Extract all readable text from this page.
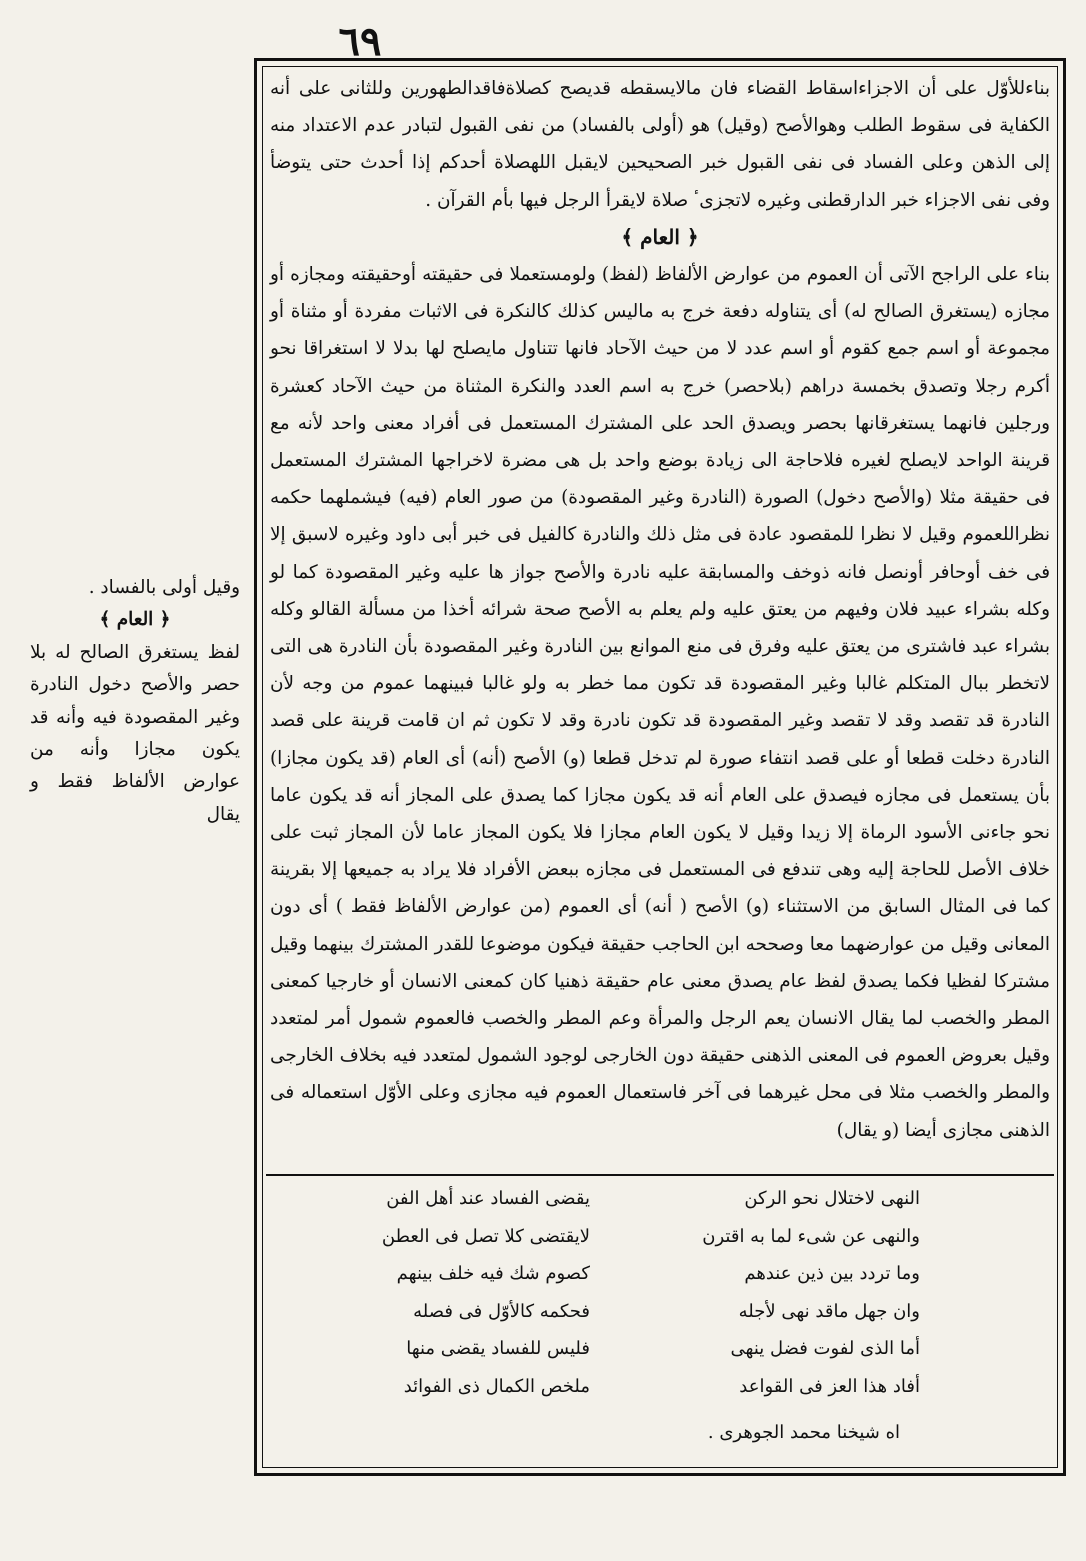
٦٩

بناءللأوّل على أن الاجزاءاسقاط القضاء فان مالايسقطه قديصح كصلاةفاقدالطهورين وللثانى على أنه الكفاية فى سقوط الطلب وهوالأصح (وقيل) هو (أولى بالفساد) من نفى القبول لتبادر عدم الاعتداد منه إلى الذهن وعلى الفساد فى نفى القبول خبر الصحيحين لايقبل اللهصلاة أحدكم إذا أحدث حتى يتوضأ وفى نفى الاجزاء خبر الدارقطنى وغيره لاتجزىٴ صلاة لايقرأ الرجل فيها بأم القرآن .

﴿ العام ﴾

بناء على الراجح الآتى أن العموم من عوارض الألفاظ (لفظ) ولومستعملا فى حقيقته أوحقيقته ومجازه أو مجازه (يستغرق الصالح له) أى يتناوله دفعة خرج به ماليس كذلك كالنكرة فى الاثبات مفردة أو مثناة أو مجموعة أو اسم جمع كقوم أو اسم عدد لا من حيث الآحاد فانها تتناول مايصلح لها بدلا لا استغراقا نحو أكرم رجلا وتصدق بخمسة دراهم (بلاحصر) خرج به اسم العدد والنكرة المثناة من حيث الآحاد كعشرة ورجلين فانهما يستغرقانها بحصر ويصدق الحد على المشترك المستعمل فى أفراد معنى واحد لأنه مع قرينة الواحد لايصلح لغيره فلاحاجة الى زيادة بوضع واحد بل هى مضرة لاخراجها المشترك المستعمل فى حقيقة مثلا (والأصح دخول) الصورة (النادرة وغير المقصودة) من صور العام (فيه) فيشملهما حكمه نظراللعموم وقيل لا نظرا للمقصود عادة فى مثل ذلك والنادرة كالفيل فى خبر أبى داود وغيره لاسبق إلا فى خف أوحافر أونصل فانه ذوخف والمسابقة عليه نادرة والأصح جواز ها عليه وغير المقصودة كما لو وكله بشراء عبيد فلان وفيهم من يعتق عليه ولم يعلم به الأصح صحة شرائه أخذا من مسألة القالو وكله بشراء عبد فاشترى من يعتق عليه وفرق فى منع الموانع بين النادرة وغير المقصودة بأن النادرة هى التى لاتخطر ببال المتكلم غالبا وغير المقصودة قد تكون مما خطر به ولو غالبا فبينهما عموم من وجه لأن النادرة قد تقصد وقد لا تقصد وغير المقصودة قد تكون نادرة وقد لا تكون ثم ان قامت قرينة على قصد النادرة دخلت قطعا أو على قصد انتفاء صورة لم تدخل قطعا (و) الأصح (أنه) أى العام (قد يكون مجازا) بأن يستعمل فى مجازه فيصدق على العام أنه قد يكون مجازا كما يصدق على المجاز أنه قد يكون عاما نحو جاءنى الأسود الرماة إلا زيدا وقيل لا يكون العام مجازا فلا يكون المجاز عاما لأن المجاز ثبت على خلاف الأصل للحاجة إليه وهى تندفع فى المستعمل فى مجازه ببعض الأفراد فلا يراد به جميعها إلا بقرينة كما فى المثال السابق من الاستثناء (و) الأصح ( أنه) أى العموم (من عوارض الألفاظ فقط ) أى دون المعانى وقيل من عوارضهما معا وصححه ابن الحاجب حقيقة فيكون موضوعا للقدر المشترك بينهما وقيل مشتركا لفظيا فكما يصدق لفظ عام يصدق معنى عام حقيقة ذهنيا كان كمعنى الانسان أو خارجيا كمعنى المطر والخصب لما يقال الانسان يعم الرجل والمرأة وعم المطر والخصب فالعموم شمول أمر لمتعدد وقيل بعروض العموم فى المعنى الذهنى حقيقة دون الخارجى لوجود الشمول لمتعدد فيه بخلاف الخارجى والمطر والخصب مثلا فى محل غيرهما فى آخر فاستعمال العموم فيه مجازى وعلى الأوّل استعماله فى الذهنى مجازى أيضا (و يقال)

النهى لاختلال نحو الركن
يقضى الفساد عند أهل الفن
والنهى عن شىء لما به اقترن
لايقتضى كلا تصل فى العطن
وما تردد بين ذين عندهم
كصوم شك فيه خلف بينهم
وان جهل ماقد نهى لأجله
فحكمه كالأوّل فى فصله
أما الذى لفوت فضل ينهى
فليس للفساد يقضى منها
أفاد هذا العز فى القواعد
ملخص الكمال ذى الفوائد
اه شيخنا محمد الجوهرى .

وقيل أولى بالفساد .

﴿ العام ﴾

لفظ يستغرق الصالح له بلا حصر والأصح دخول النادرة وغير المقصودة فيه وأنه قد يكون مجازا وأنه من عوارض الألفاظ فقط و يقال
